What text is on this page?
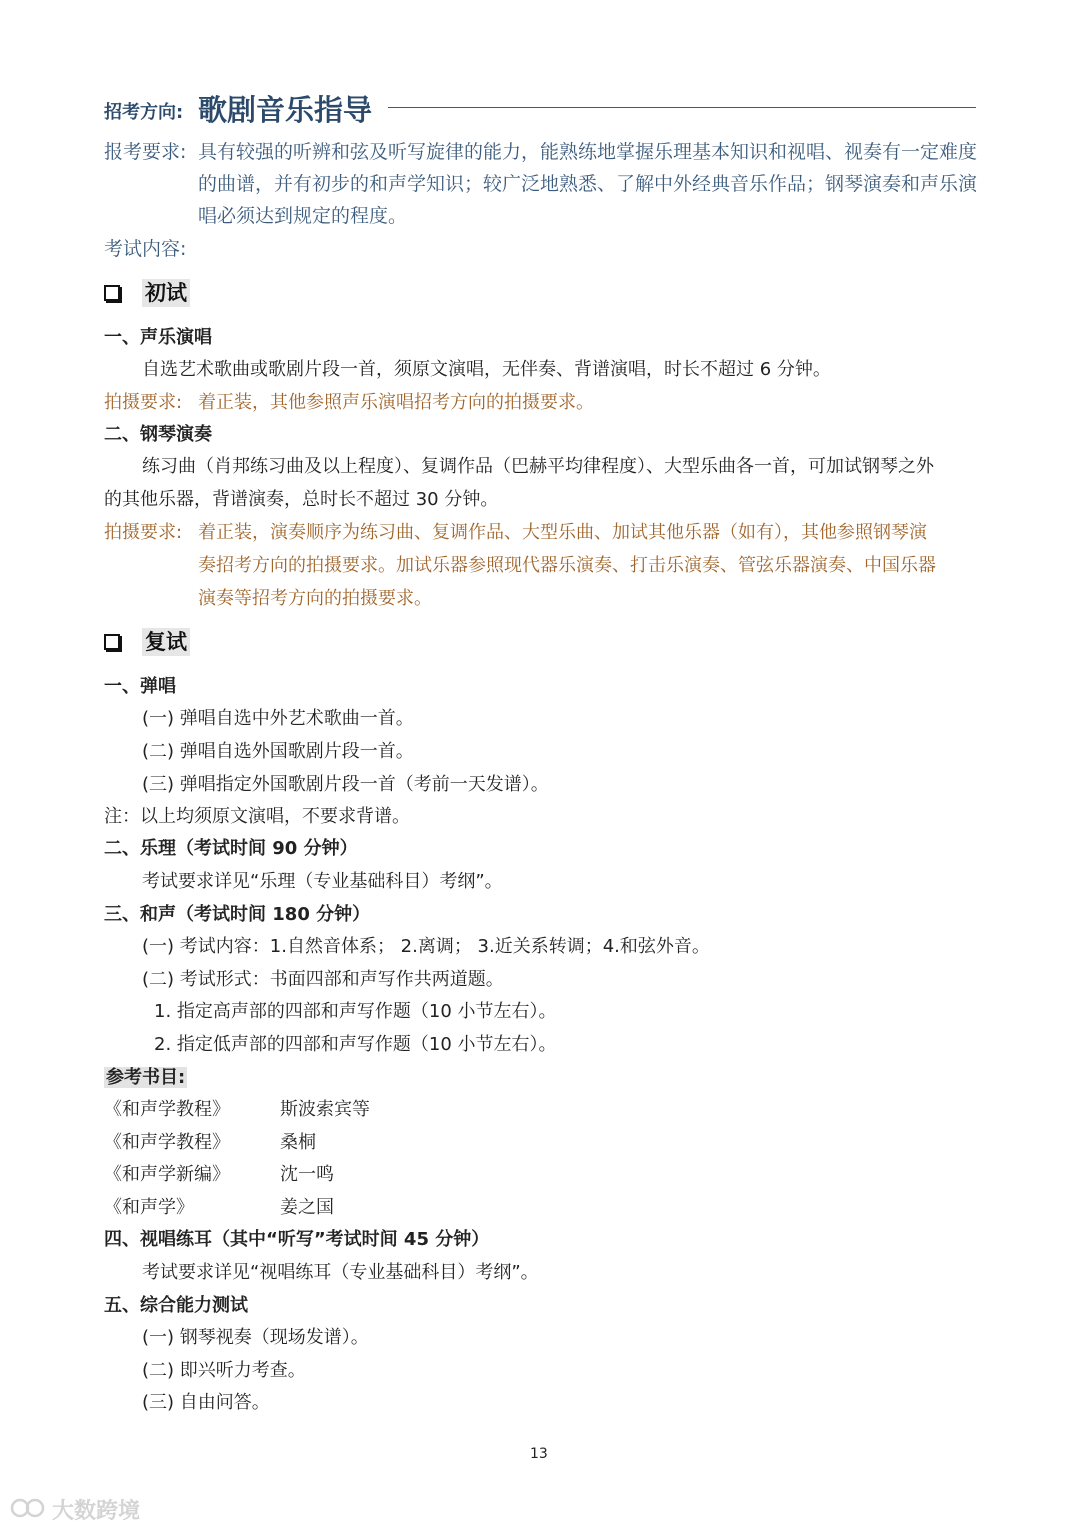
招考方向: 歌剧音乐指导
报考要求: 具有较强的听辨和弦及听写旋律的能力，能熟练地掌握乐理基本知识和视唱、视奏有一定难度
的曲谱，并有初步的和声学知识；较广泛地熟悉、了解中外经典音乐作品；钢琴演奏和声乐演
唱必须达到规定的程度。
考试内容:
初试
一、声乐演唱
自选艺术歌曲或歌剧片段一首，须原文演唱，无伴奏、背谱演唱，时长不超过 6 分钟。
拍摄要求: 着正装，其他参照声乐演唱招考方向的拍摄要求。
二、钢琴演奏
练习曲（肖邦练习曲及以上程度）、复调作品（巴赫平均律程度）、大型乐曲各一首，可加试钢琴之外
的其他乐器，背谱演奏，总时长不超过 30 分钟。
拍摄要求: 着正装，演奏顺序为练习曲、复调作品、大型乐曲、加试其他乐器（如有），其他参照钢琴演
奏招考方向的拍摄要求。加试乐器参照现代器乐演奏、打击乐演奏、管弦乐器演奏、中国乐器
演奏等招考方向的拍摄要求。
复试
一、弹唱
(一) 弹唱自选中外艺术歌曲一首。
(二) 弹唱自选外国歌剧片段一首。
(三) 弹唱指定外国歌剧片段一首（考前一天发谱）。
注：以上均须原文演唱，不要求背谱。
二、乐理（考试时间 90 分钟）
考试要求详见“乐理（专业基础科目）考纲”。
三、和声（考试时间 180 分钟）
(一) 考试内容：1.自然音体系； 2.离调； 3.近关系转调；4.和弦外音。
(二) 考试形式：书面四部和声写作共两道题。
1. 指定高声部的四部和声写作题（10 小节左右）。
2. 指定低声部的四部和声写作题（10 小节左右）。
参考书目:
《和声学教程》	斯波索宾等
《和声学教程》	桑桐
《和声学新编》	沈一鸣
《和声学》	姜之国
四、视唱练耳（其中“听写”考试时间 45 分钟）
考试要求详见“视唱练耳（专业基础科目）考纲”。
五、综合能力测试
(一) 钢琴视奏（现场发谱）。
(二) 即兴听力考查。
(三) 自由问答。
13
大数跨境
